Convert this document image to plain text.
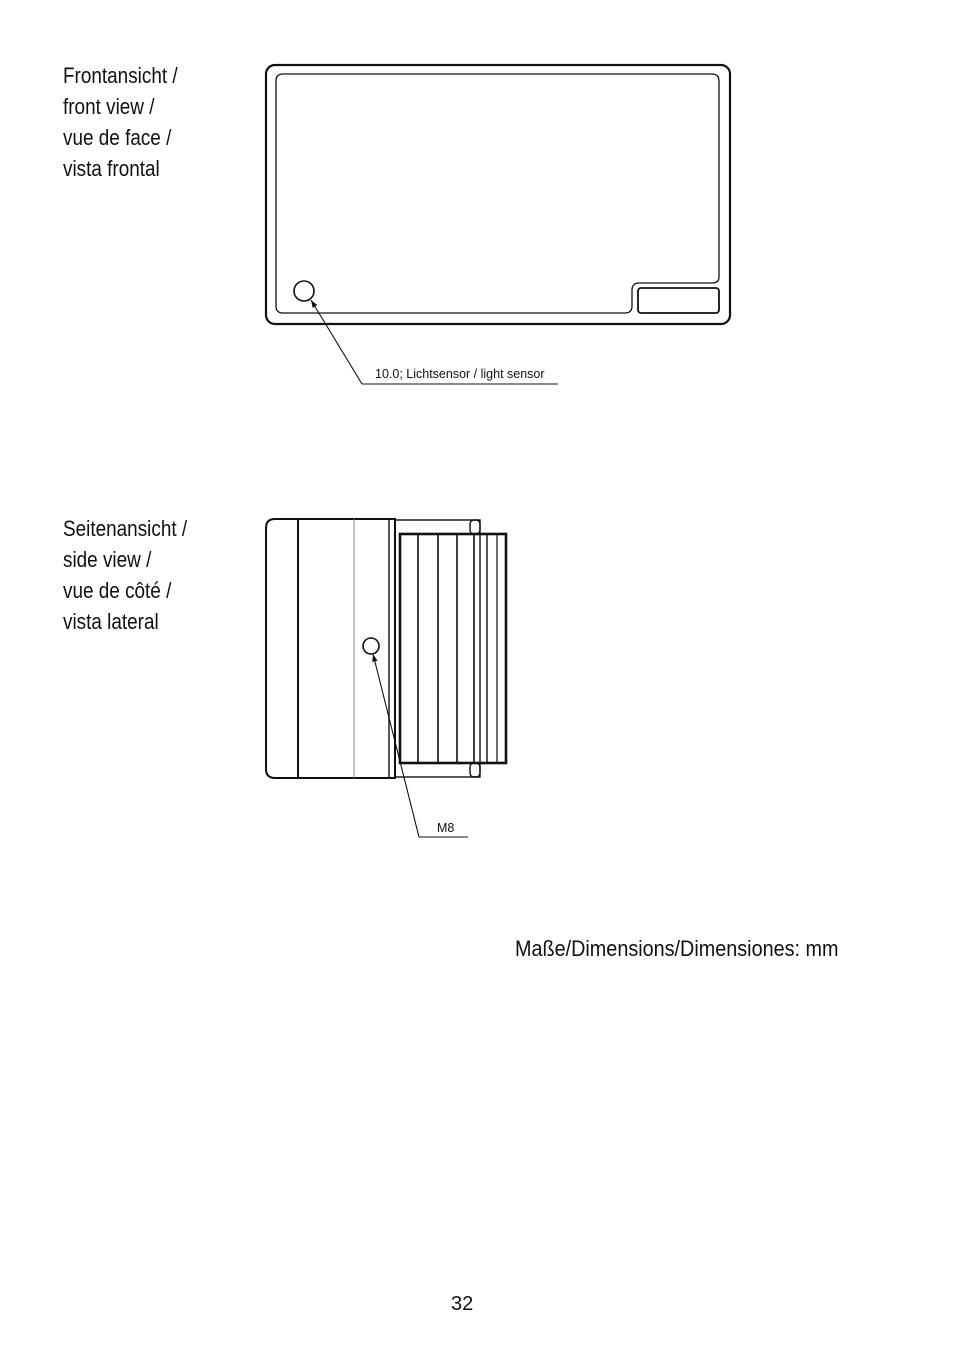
Frontansicht /
front view /
vue de face /
vista frontal
Seitenansicht /
side view /
vue de côté /
vista lateral
10.0; Lichtsensor / light sensor
M8
Maße/Dimensions/Dimensiones: mm
32
